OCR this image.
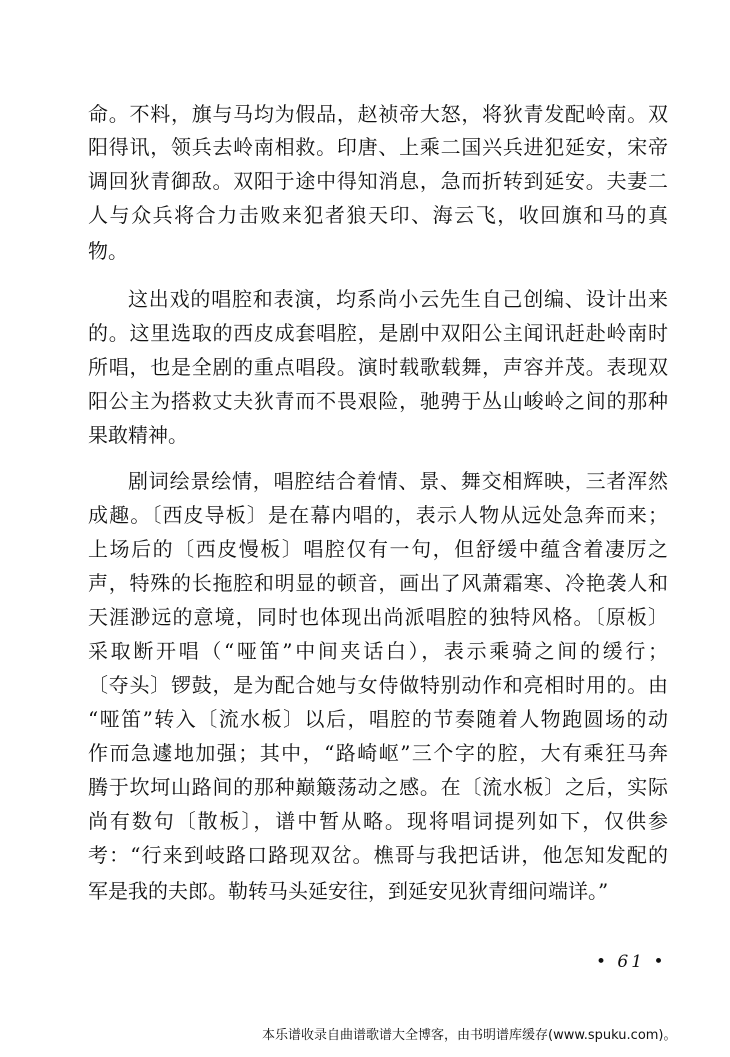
命。不料，旗与马均为假品，赵祯帝大怒，将狄青发配岭南。双
阳得讯，领兵去岭南相救。印唐、上乘二国兴兵进犯延安，宋帝
调回狄青御敌。双阳于途中得知消息，急而折转到延安。夫妻二
人与众兵将合力击败来犯者狼天印、海云飞，收回旗和马的真
物。
这出戏的唱腔和表演，均系尚小云先生自己创编、设计出来
的。这里选取的西皮成套唱腔，是剧中双阳公主闻讯赶赴岭南时
所唱，也是全剧的重点唱段。演时载歌载舞，声容并茂。表现双
阳公主为搭救丈夫狄青而不畏艰险，驰骋于丛山峻岭之间的那种
果敢精神。
剧词绘景绘情，唱腔结合着情、景、舞交相辉映，三者浑然
成趣。〔西皮导板〕是在幕内唱的，表示人物从远处急奔而来；
上场后的〔西皮慢板〕唱腔仅有一句，但舒缓中蕴含着凄厉之
声，特殊的长拖腔和明显的顿音，画出了风萧霜寒、冷艳袭人和
天涯渺远的意境，同时也体现出尚派唱腔的独特风格。〔原板〕
采取断开唱（“哑笛”中间夹话白），表示乘骑之间的缓行；
〔夺头〕锣鼓，是为配合她与女侍做特别动作和亮相时用的。由
“哑笛”转入〔流水板〕以后，唱腔的节奏随着人物跑圆场的动
作而急遽地加强；其中，“路崎岖”三个字的腔，大有乘狂马奔
腾于坎坷山路间的那种巅簸荡动之感。在〔流水板〕之后，实际
尚有数句〔散板〕，谱中暂从略。现将唱词提列如下，仅供参
考：“行来到岐路口路现双岔。樵哥与我把话讲，他怎知发配的
军是我的夫郎。勒转马头延安往，到延安见狄青细问端详。”
• 61 •
本乐谱收录自曲谱歌谱大全博客，由书明谱库缓存(www.spuku.com)。
